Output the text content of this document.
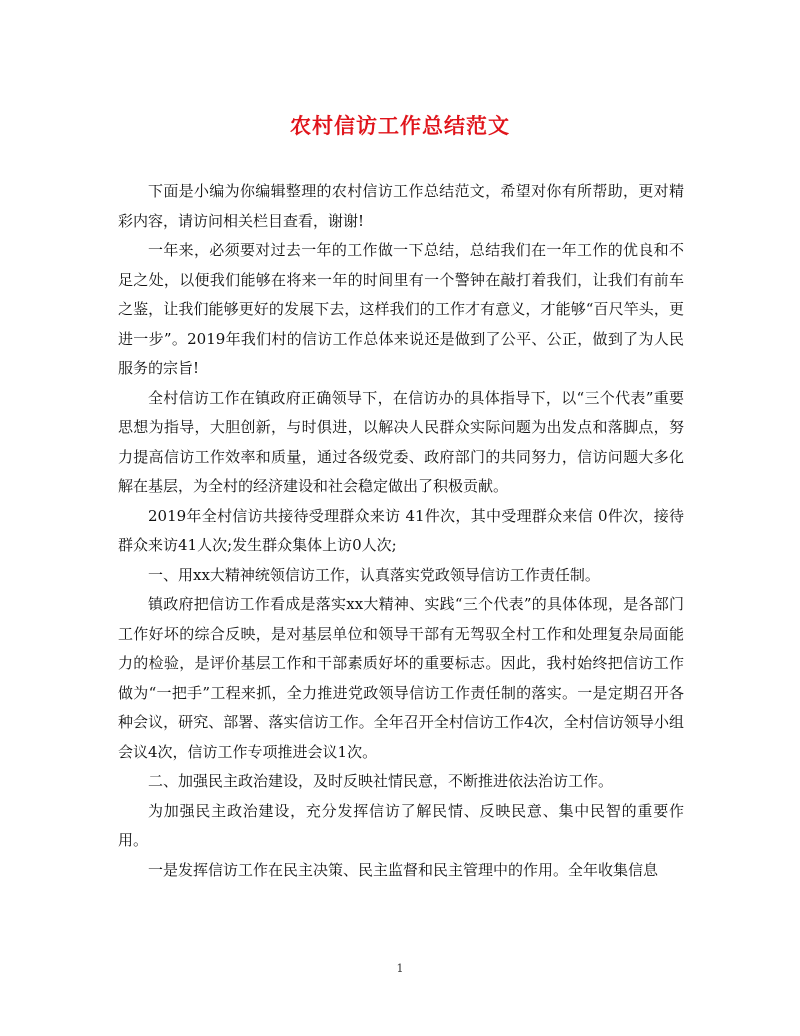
农村信访工作总结范文

下面是小编为你编辑整理的农村信访工作总结范文，希望对你有所帮助，更对精彩内容，请访问相关栏目查看，谢谢!

一年来，必须要对过去一年的工作做一下总结，总结我们在一年工作的优良和不足之处，以便我们能够在将来一年的时间里有一个警钟在敲打着我们，让我们有前车之鉴，让我们能够更好的发展下去，这样我们的工作才有意义，才能够“百尺竿头，更进一步”。2019年我们村的信访工作总体来说还是做到了公平、公正，做到了为人民服务的宗旨!

全村信访工作在镇政府正确领导下，在信访办的具体指导下，以“三个代表”重要思想为指导，大胆创新，与时俱进，以解决人民群众实际问题为出发点和落脚点，努力提高信访工作效率和质量，通过各级党委、政府部门的共同努力，信访问题大多化解在基层，为全村的经济建设和社会稳定做出了积极贡献。

2019年全村信访共接待受理群众来访 41件次，其中受理群众来信 0件次，接待群众来访41人次;发生群众集体上访0人次;

一、用xx大精神统领信访工作，认真落实党政领导信访工作责任制。

镇政府把信访工作看成是落实xx大精神、实践“三个代表”的具体体现，是各部门工作好坏的综合反映，是对基层单位和领导干部有无驾驭全村工作和处理复杂局面能力的检验，是评价基层工作和干部素质好坏的重要标志。因此，我村始终把信访工作做为“一把手”工程来抓，全力推进党政领导信访工作责任制的落实。一是定期召开各种会议，研究、部署、落实信访工作。全年召开全村信访工作4次，全村信访领导小组会议4次，信访工作专项推进会议1次。

二、加强民主政治建设，及时反映社情民意，不断推进依法治访工作。

为加强民主政治建设，充分发挥信访了解民情、反映民意、集中民智的重要作用。

一是发挥信访工作在民主决策、民主监督和民主管理中的作用。全年收集信息

1
